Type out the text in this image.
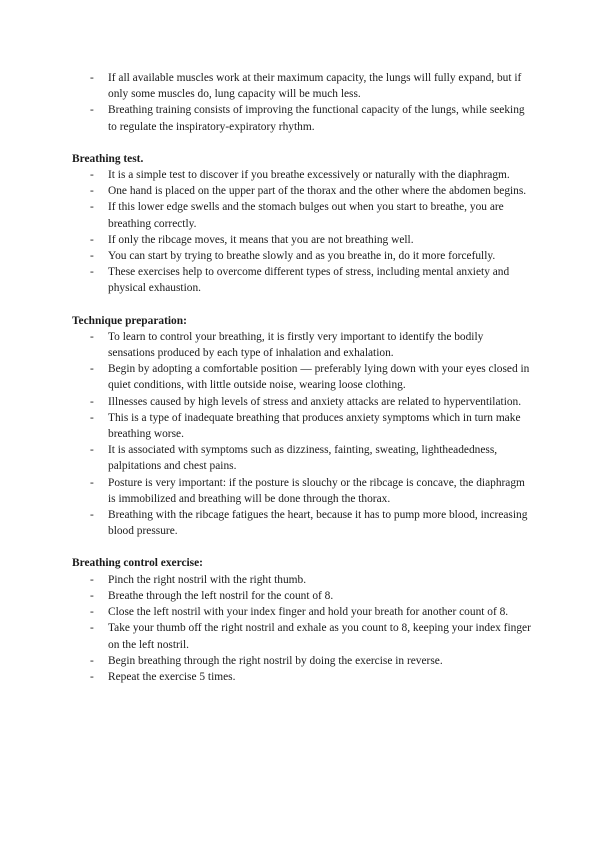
- If all available muscles work at their maximum capacity, the lungs will fully expand, but if only some muscles do, lung capacity will be much less.
- Breathing training consists of improving the functional capacity of the lungs, while seeking to regulate the inspiratory-expiratory rhythm.
Breathing test.
- It is a simple test to discover if you breathe excessively or naturally with the diaphragm.
- One hand is placed on the upper part of the thorax and the other where the abdomen begins.
- If this lower edge swells and the stomach bulges out when you start to breathe, you are breathing correctly.
- If only the ribcage moves, it means that you are not breathing well.
- You can start by trying to breathe slowly and as you breathe in, do it more forcefully.
- These exercises help to overcome different types of stress, including mental anxiety and physical exhaustion.
Technique preparation:
- To learn to control your breathing, it is firstly very important to identify the bodily sensations produced by each type of inhalation and exhalation.
- Begin by adopting a comfortable position — preferably lying down with your eyes closed in quiet conditions, with little outside noise, wearing loose clothing.
- Illnesses caused by high levels of stress and anxiety attacks are related to hyperventilation.
- This is a type of inadequate breathing that produces anxiety symptoms which in turn make breathing worse.
- It is associated with symptoms such as dizziness, fainting, sweating, lightheadedness, palpitations and chest pains.
- Posture is very important: if the posture is slouchy or the ribcage is concave, the diaphragm is immobilized and breathing will be done through the thorax.
- Breathing with the ribcage fatigues the heart, because it has to pump more blood, increasing blood pressure.
Breathing control exercise:
- Pinch the right nostril with the right thumb.
- Breathe through the left nostril for the count of 8.
- Close the left nostril with your index finger and hold your breath for another count of 8.
- Take your thumb off the right nostril and exhale as you count to 8, keeping your index finger on the left nostril.
- Begin breathing through the right nostril by doing the exercise in reverse.
- Repeat the exercise 5 times.
